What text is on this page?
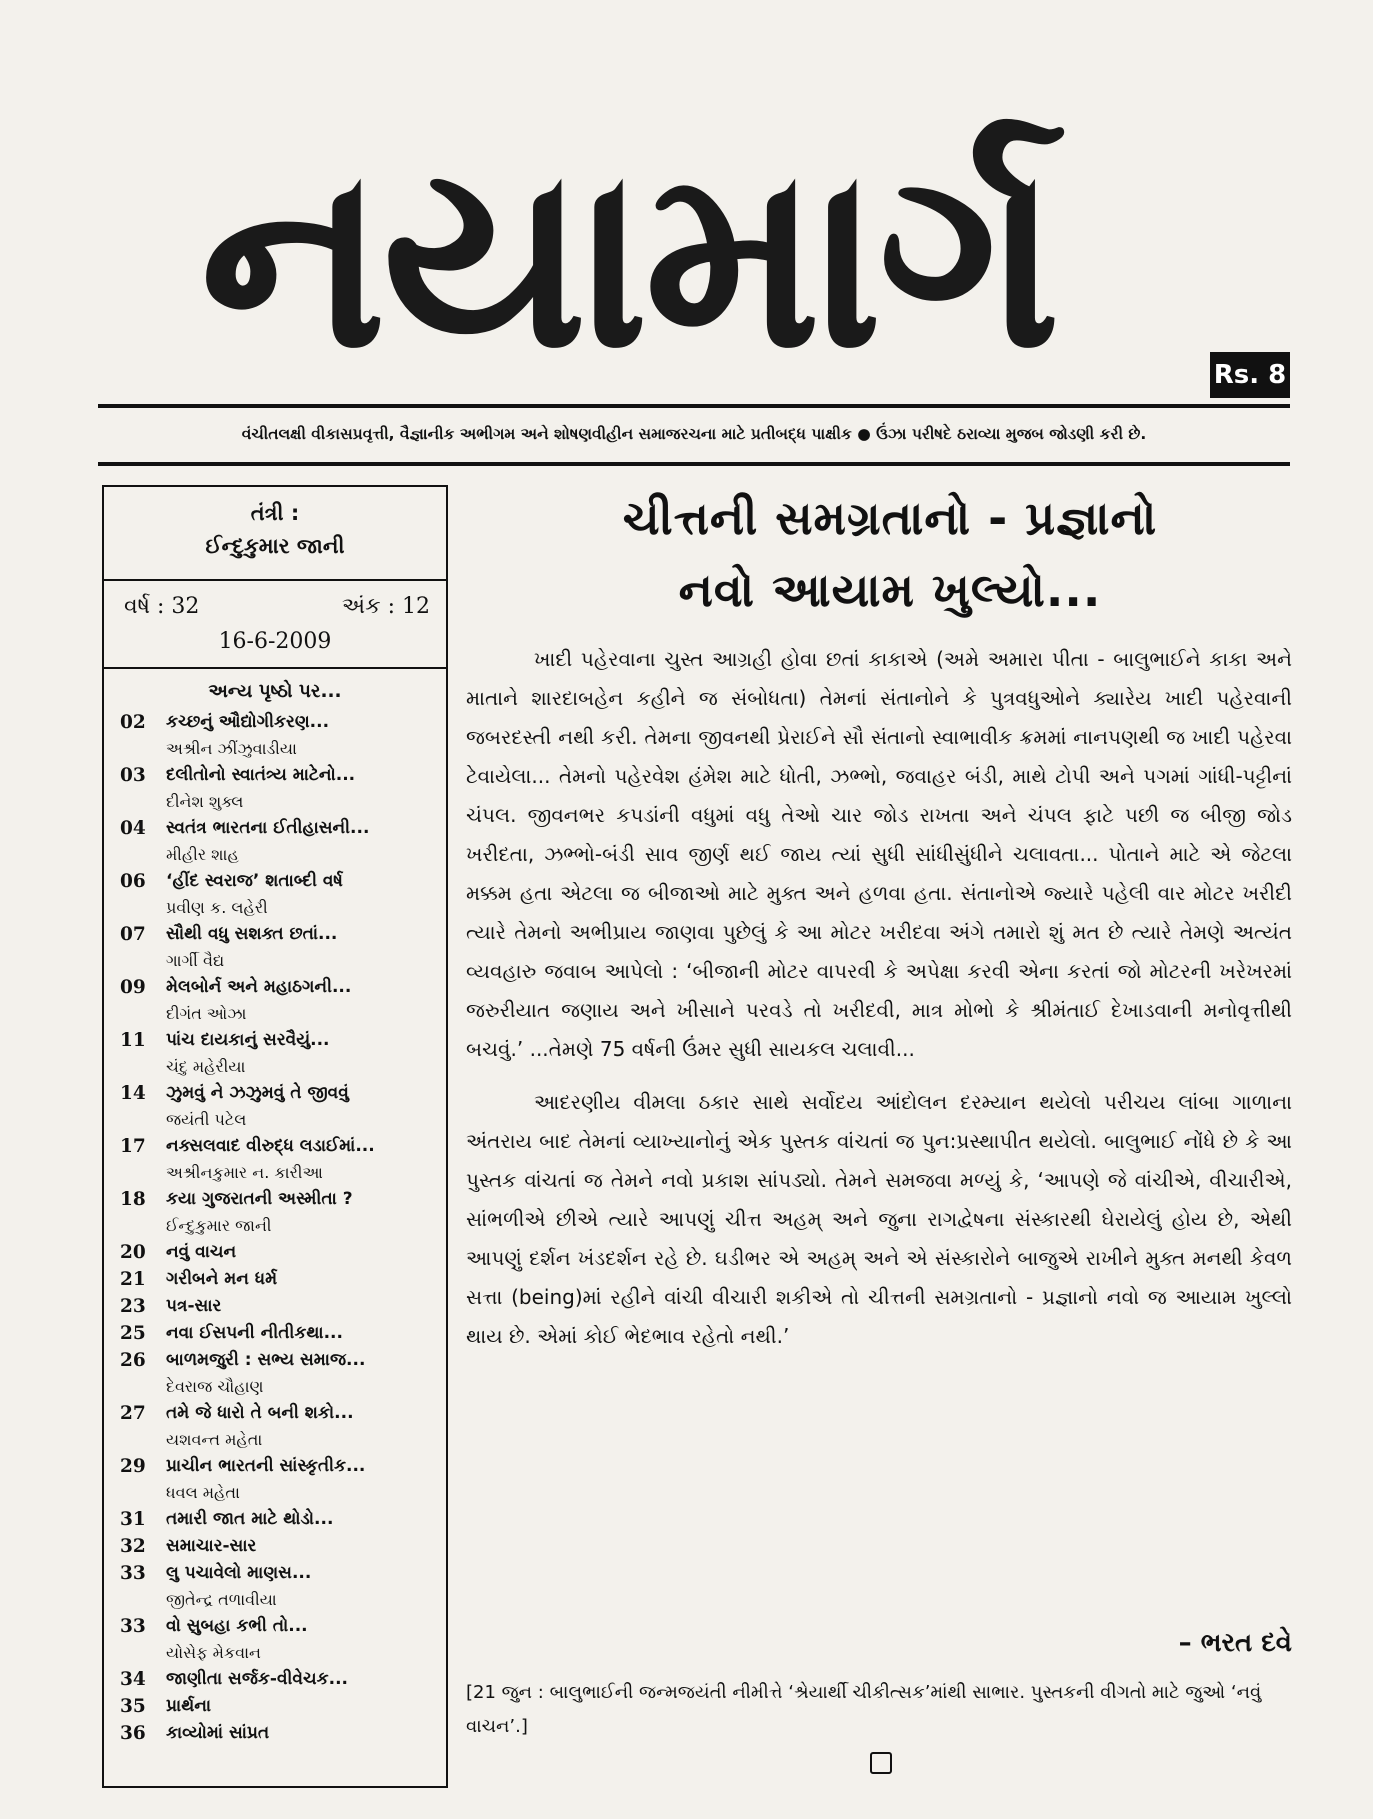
નયામાર્ગ	Rs. 8
વંચીતલક્ષી વીકાસપ્રવૃત્તી, વૈજ્ઞાનીક અભીગમ અને શોષણવીહીન સમાજરચના માટે પ્રતીબદ્ધ પાક્ષીક ● ઉંઝા પરીષદે ઠરાવ્યા મુજબ જોડણી કરી છે.
તંત્રી :
ઈન્દુકુમાર જાની
વર્ષ : 32	અંક : 12
16-6-2009
અન્ય પૃષ્ઠો પર...
02 કચ્છનું ઔદ્યોગીકરણ...
અશ્રીન ઝીંઝુવાડીયા
03 દલીતોનો સ્વાતંત્ર્ય માટેનો...
દીનેશ શુક્લ
04 સ્વતંત્ર ભારતના ઈતીહાસની...
મીહીર શાહ
06 ‘હીંદ સ્વરાજ’ શતાબ્દી વર્ષ
પ્રવીણ ક. લહેરી
07 સૌથી વધુ સશક્ત છતાં...
ગાર્ગી વૈદ્ય
09 મેલબોર્ન અને મહાઠગની...
દીગંત ઓઝા
11 પાંચ દાયકાનું સરવૈયું...
ચંદુ મહેરીયા
14 ઝુમવું ને ઝઝુમવું તે જીવવું
જયંતી પટેલ
17 નક્સલવાદ વીરુદ્ધ લડાઈમાં...
અશ્રીનકુમાર ન. કારીઆ
18 કયા ગુજરાતની અસ્મીતા ?
ઈન્દુકુમાર જાની
20 નવું વાચન
21 ગરીબને મન ધર્મ
23 પત્ર-સાર
25 નવા ઈસપની નીતીકથા...
26 બાળમજુરી : સભ્ય સમાજ...
દેવરાજ ચૌહાણ
27 તમે જે ધારો તે બની શકો...
યશવન્ત મહેતા
29 પ્રાચીન ભારતની સાંસ્કૃતીક...
ધવલ મહેતા
31 તમારી જાત માટે થોડો...
32 સમાચાર-સાર
33 લુ પચાવેલો માણસ...
જીતેન્દ્ર તળાવીયા
33 વો સુબહા કભી તો...
યોસેફ મેકવાન
34 જાણીતા સર્જક-વીવેચક...
35 પ્રાર્થના
36 કાવ્યોમાં સાંપ્રત
ચીત્તની સમગ્રતાનો - પ્રજ્ઞાનો
નવો આયામ ખુલ્યો...

ખાદી પહેરવાના ચુસ્ત આગ્રહી હોવા છતાં કાકાએ (અમે અમારા પીતા - બાલુભાઈને કાકા અને માતાને શારદાબહેન કહીને જ સંબોધતા) તેમનાં સંતાનોને કે પુત્રવધુઓને ક્યારેય ખાદી પહેરવાની જબરદસ્તી નથી કરી. તેમના જીવનથી પ્રેરાઈને સૌ સંતાનો સ્વાભાવીક ક્રમમાં નાનપણથી જ ખાદી પહેરવા ટેવાયેલા... તેમનો પહેરવેશ હંમેશ માટે ધોતી, ઝભ્ભો, જવાહર બંડી, માથે ટોપી અને પગમાં ગાંધી-પટ્ટીનાં ચંપલ. જીવનભર કપડાંની વધુમાં વધુ તેઓ ચાર જોડ રાખતા અને ચંપલ ફાટે પછી જ બીજી જોડ ખરીદતા, ઝભ્ભો-બંડી સાવ જીર્ણ થઈ જાય ત્યાં સુધી સાંધીસુંધીને ચલાવતા... પોતાને માટે એ જેટલા મક્કમ હતા એટલા જ બીજાઓ માટે મુક્ત અને હળવા હતા. સંતાનોએ જ્યારે પહેલી વાર મોટર ખરીદી ત્યારે તેમનો અભીપ્રાય જાણવા પુછેલું કે આ મોટર ખરીદવા અંગે તમારો શું મત છે ત્યારે તેમણે અત્યંત વ્યવહારુ જવાબ આપેલો : ‘બીજાની મોટર વાપરવી કે અપેક્ષા કરવી એના કરતાં જો મોટરની ખરેખરમાં જરુરીયાત જણાય અને ખીસાને પરવડે તો ખરીદવી, માત્ર મોભો કે શ્રીમંતાઈ દેખાડવાની મનોવૃત્તીથી બચવું.’ ...તેમણે 75 વર્ષની ઉંમર સુધી સાયકલ ચલાવી...

આદરણીય વીમલા ઠકાર સાથે સર્વોદય આંદોલન દરમ્યાન થયેલો પરીચય લાંબા ગાળાના અંતરાય બાદ તેમનાં વ્યાખ્યાનોનું એક પુસ્તક વાંચતાં જ પુન:પ્રસ્થાપીત થયેલો. બાલુભાઈ નોંધે છે કે આ પુસ્તક વાંચતાં જ તેમને નવો પ્રકાશ સાંપડ્યો. તેમને સમજવા મળ્યું કે, ‘આપણે જે વાંચીએ, વીચારીએ, સાંભળીએ છીએ ત્યારે આપણું ચીત્ત અહમ્ અને જુના રાગદ્વેષના સંસ્કારથી ઘેરાયેલું હોય છે, એથી આપણું દર્શન ખંડદર્શન રહે છે. ઘડીભર એ અહમ્ અને એ સંસ્કારોને બાજુએ રાખીને મુક્ત મનથી કેવળ સત્તા (being)માં રહીને વાંચી વીચારી શકીએ તો ચીત્તની સમગ્રતાનો - પ્રજ્ઞાનો નવો જ આયામ ખુલ્લો થાય છે. એમાં કોઈ ભેદભાવ રહેતો નથી.’

– ભરત દવે
[21 જુન : બાલુભાઈની જન્મજયંતી નીમીત્તે ‘શ્રેયાર્થી ચીકીત્સક’માંથી સાભાર. પુસ્તકની વીગતો માટે જુઓ ‘નવું વાચન’.]
